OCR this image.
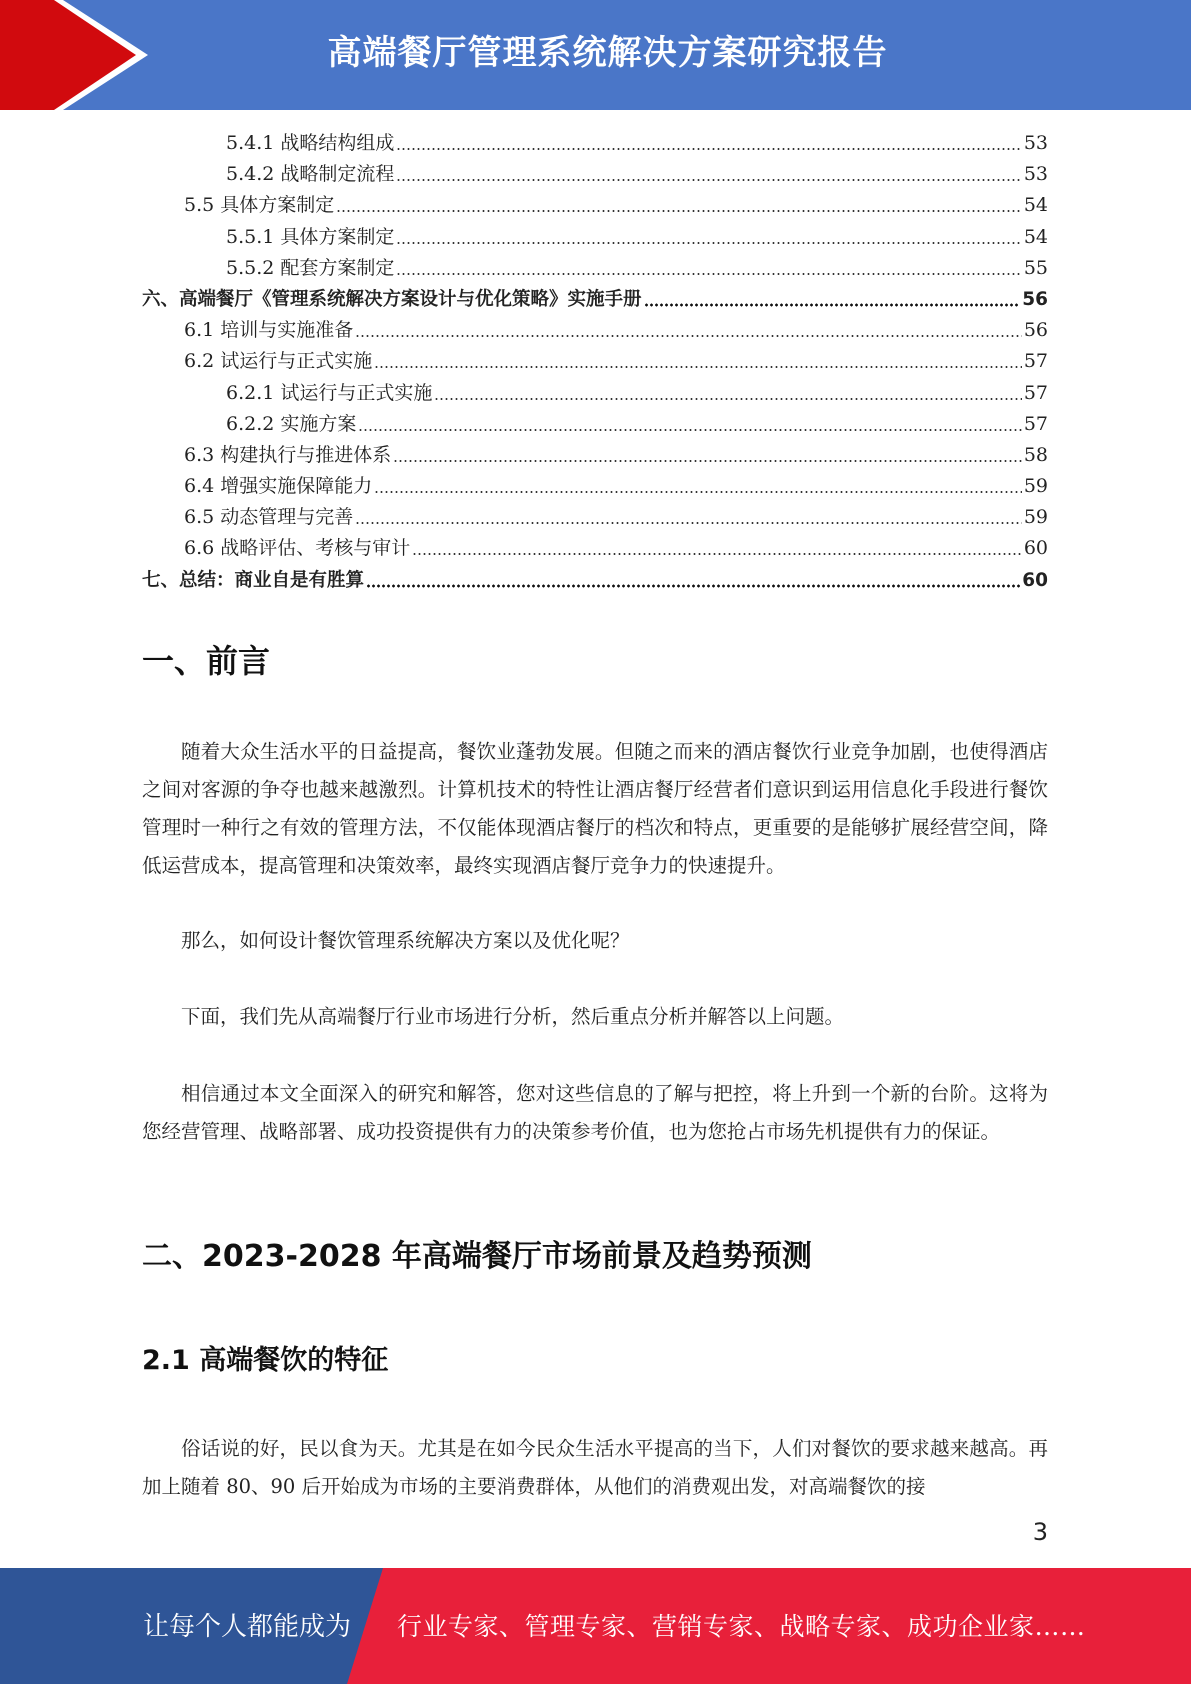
高端餐厅管理系统解决方案研究报告
5.4.1 战略结构组成	53
5.4.2 战略制定流程	53
5.5 具体方案制定	54
5.5.1 具体方案制定	54
5.5.2 配套方案制定	55
六、高端餐厅《管理系统解决方案设计与优化策略》实施手册	56
6.1 培训与实施准备	56
6.2 试运行与正式实施	57
6.2.1 试运行与正式实施	57
6.2.2 实施方案	57
6.3 构建执行与推进体系	58
6.4 增强实施保障能力	59
6.5 动态管理与完善	59
6.6 战略评估、考核与审计	60
七、总结：商业自是有胜算	60
一、前言

随着大众生活水平的日益提高，餐饮业蓬勃发展。但随之而来的酒店餐饮行业竞争加剧，也使得酒店之间对客源的争夺也越来越激烈。计算机技术的特性让酒店餐厅经营者们意识到运用信息化手段进行餐饮管理时一种行之有效的管理方法，不仅能体现酒店餐厅的档次和特点，更重要的是能够扩展经营空间，降低运营成本，提高管理和决策效率，最终实现酒店餐厅竞争力的快速提升。

那么，如何设计餐饮管理系统解决方案以及优化呢？

下面，我们先从高端餐厅行业市场进行分析，然后重点分析并解答以上问题。

相信通过本文全面深入的研究和解答，您对这些信息的了解与把控，将上升到一个新的台阶。这将为您经营管理、战略部署、成功投资提供有力的决策参考价值，也为您抢占市场先机提供有力的保证。

二、2023-2028 年高端餐厅市场前景及趋势预测
2.1 高端餐饮的特征

俗话说的好，民以食为天。尤其是在如今民众生活水平提高的当下，人们对餐饮的要求越来越高。再加上随着 80、90 后开始成为市场的主要消费群体，从他们的消费观出发，对高端餐饮的接

3
让每个人都能成为 行业专家、管理专家、营销专家、战略专家、成功企业家……
